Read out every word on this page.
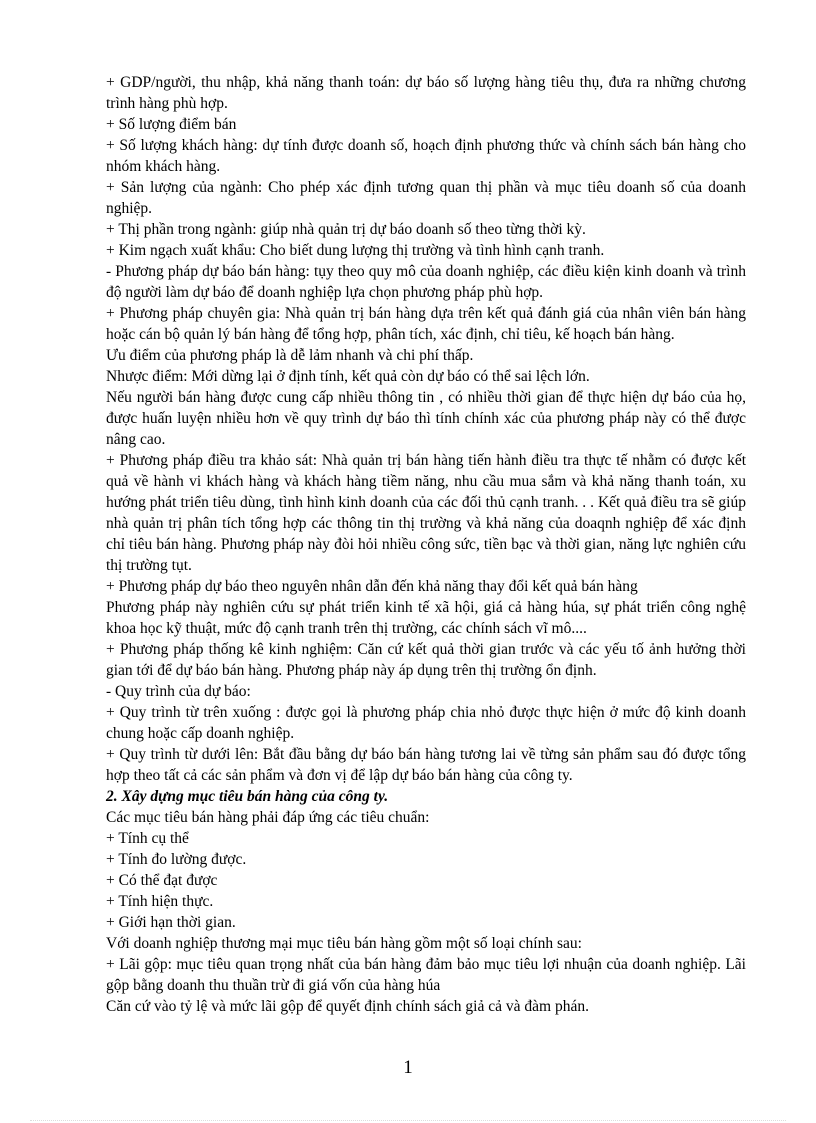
+ GDP/người, thu nhập, khả năng thanh toán: dự báo số lượng hàng tiêu thụ, đưa ra những chương trình hàng phù hợp.

+ Số lượng điểm bán

+ Số lượng khách hàng: dự tính được doanh số, hoạch định phương thức và chính sách bán hàng cho nhóm khách hàng.

+ Sản lượng của ngành: Cho phép xác định tương quan thị phần và mục tiêu doanh số của doanh nghiệp.

+ Thị phần trong ngành: giúp nhà quản trị dự báo doanh số theo từng thời kỳ.

+ Kim ngạch xuất khẩu: Cho biết dung lượng thị trường và tình hình cạnh tranh.

- Phương pháp dự báo bán hàng: tụy theo quy mô của doanh nghiệp, các điều kiện kinh doanh và trình độ người làm dự báo để doanh nghiệp lựa chọn phương pháp phù hợp.

+ Phương pháp chuyên gia: Nhà quản trị bán hàng dựa trên kết quả đánh giá của nhân viên bán hàng hoặc cán bộ quản lý bán hàng để tổng hợp, phân tích, xác định, chỉ tiêu, kế hoạch bán hàng.

Ưu điểm của phương pháp là dễ lảm nhanh và chi phí thấp.

Nhược điểm: Mới dừng lại ở định tính, kết quả còn dự báo có thể sai lệch lớn.

Nếu người bán hàng được cung cấp nhiều thông tin , có nhiều thời gian để thực hiện dự báo của họ, được huấn luyện nhiều hơn về quy trình dự báo thì tính chính xác của phương pháp này có thể được nâng cao.

+ Phương pháp điều tra khảo sát: Nhà quản trị bán hàng tiến hành điều tra thực tế nhằm có được kết quả về hành vi khách hàng và khách hàng tiềm năng, nhu cầu mua sắm và khả năng thanh toán, xu hướng phát triển tiêu dùng, tình hình kinh doanh của các đối thủ cạnh tranh. . . Kết quả điều tra sẽ giúp nhà quản trị phân tích tổng hợp các thông tin thị trường và khả năng của doaqnh nghiệp để xác định chỉ tiêu bán hàng. Phương pháp này đòi hỏi nhiều công sức, tiền bạc và thời gian, năng lực nghiên cứu thị trường tụt.

+ Phương pháp dự báo theo nguyên nhân dẫn đến khả năng thay đổi kết quả bán hàng

Phương pháp này nghiên cứu sự phát triển kinh tế xã hội, giá cả hàng húa, sự phát triển công nghệ khoa học kỹ thuật, mức độ cạnh tranh trên thị trường, các chính sách vĩ mô....

+ Phương pháp thống kê kinh nghiệm: Căn cứ kết quả thời gian trước và các yếu tố ảnh hưởng thời gian tới để dự báo bán hàng. Phương pháp này áp dụng trên thị trường ổn định.

- Quy trình của dự báo:

+ Quy trình từ trên xuống : được gọi là phương pháp chia nhỏ được thực hiện ở mức độ kinh doanh chung hoặc cấp doanh nghiệp.

+ Quy trình từ dưới lên: Bắt đầu bằng dự báo bán hàng tương lai về từng sản phẩm sau đó được tổng hợp theo tất cả các sản phẩm và đơn vị để lập dự báo bán hàng của công ty.

2. Xây dựng mục tiêu bán hàng của công ty.

Các mục tiêu bán hàng phải đáp ứng các tiêu chuẩn:

+ Tính cụ thể

+ Tính đo lường được.

+ Có thể đạt được

+ Tính hiện thực.

+ Giới hạn thời gian.

Với doanh nghiệp thương mại mục tiêu bán hàng gồm một số loại chính sau:

+ Lãi gộp: mục tiêu quan trọng nhất của bán hàng đảm bảo mục tiêu lợi nhuận của doanh nghiệp. Lãi gộp bằng doanh thu thuần trừ đi giá vốn của hàng húa

Căn cứ vào tỷ lệ và mức lãi gộp để quyết định chính sách giả cả và đàm phán.

1
